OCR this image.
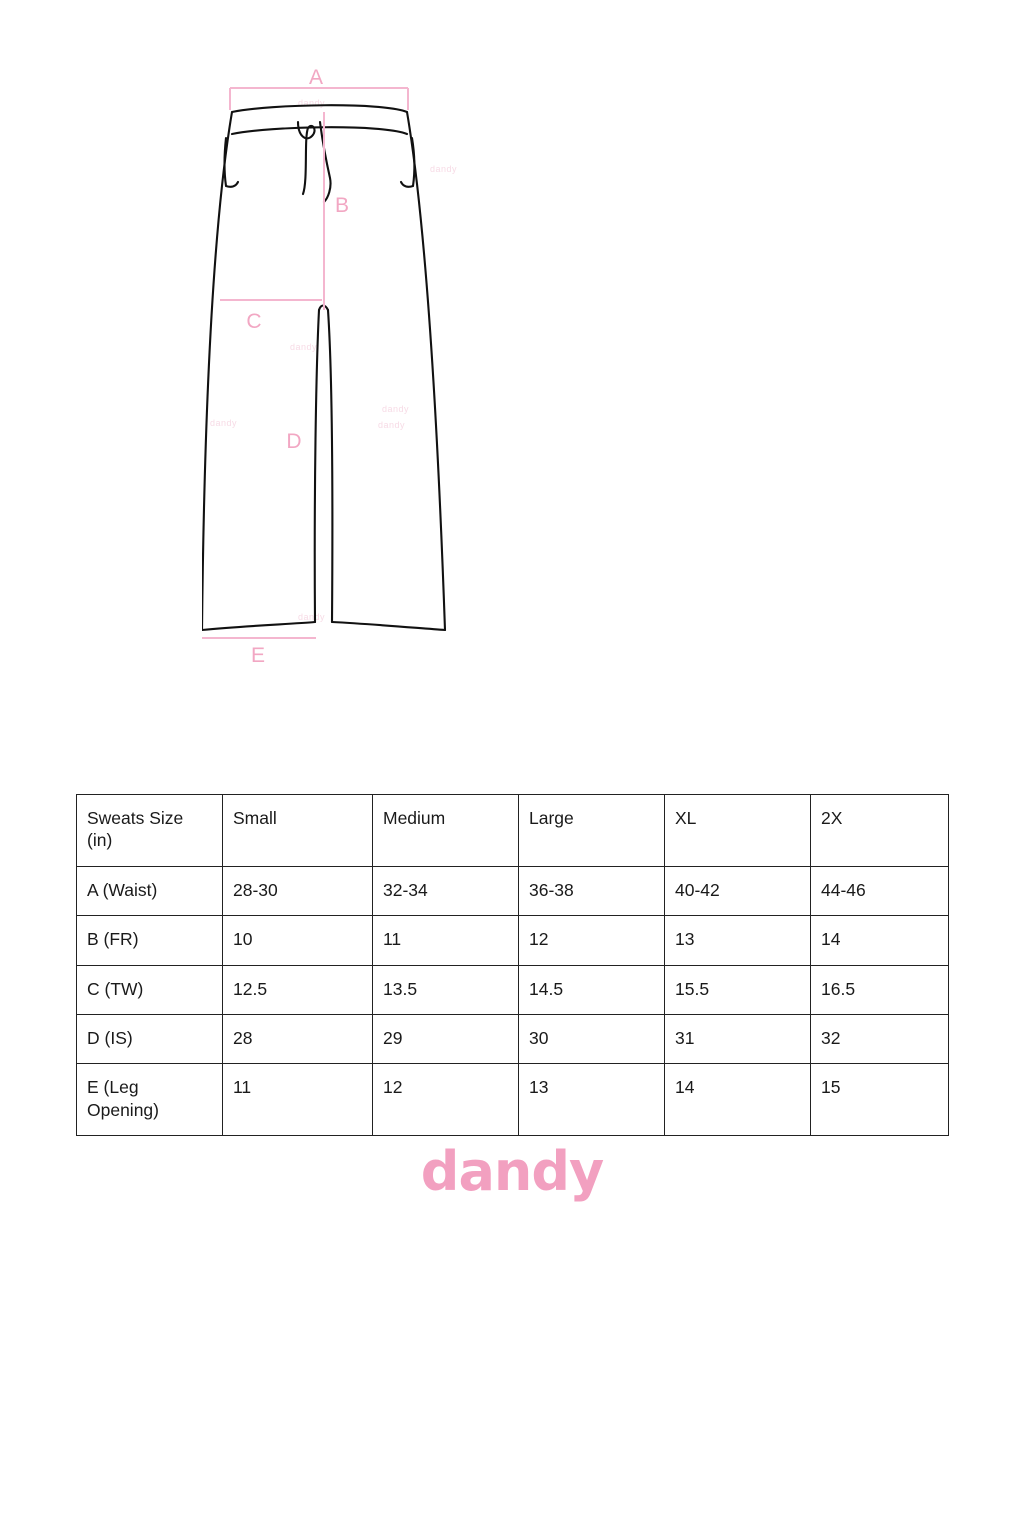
dandy
dandy
dandy
dandy
dandy	dandy
dandy
A
B
C
D
E
Sweats Size (in)	Small	Medium	Large	XL	2X
A (Waist)	28-30	32-34	36-38	40-42	44-46
B (FR)	10	11	12	13	14
C (TW)	12.5	13.5	14.5	15.5	16.5
D (IS)	28	29	30	31	32
E (Leg Opening)	11	12	13	14	15
dandy
